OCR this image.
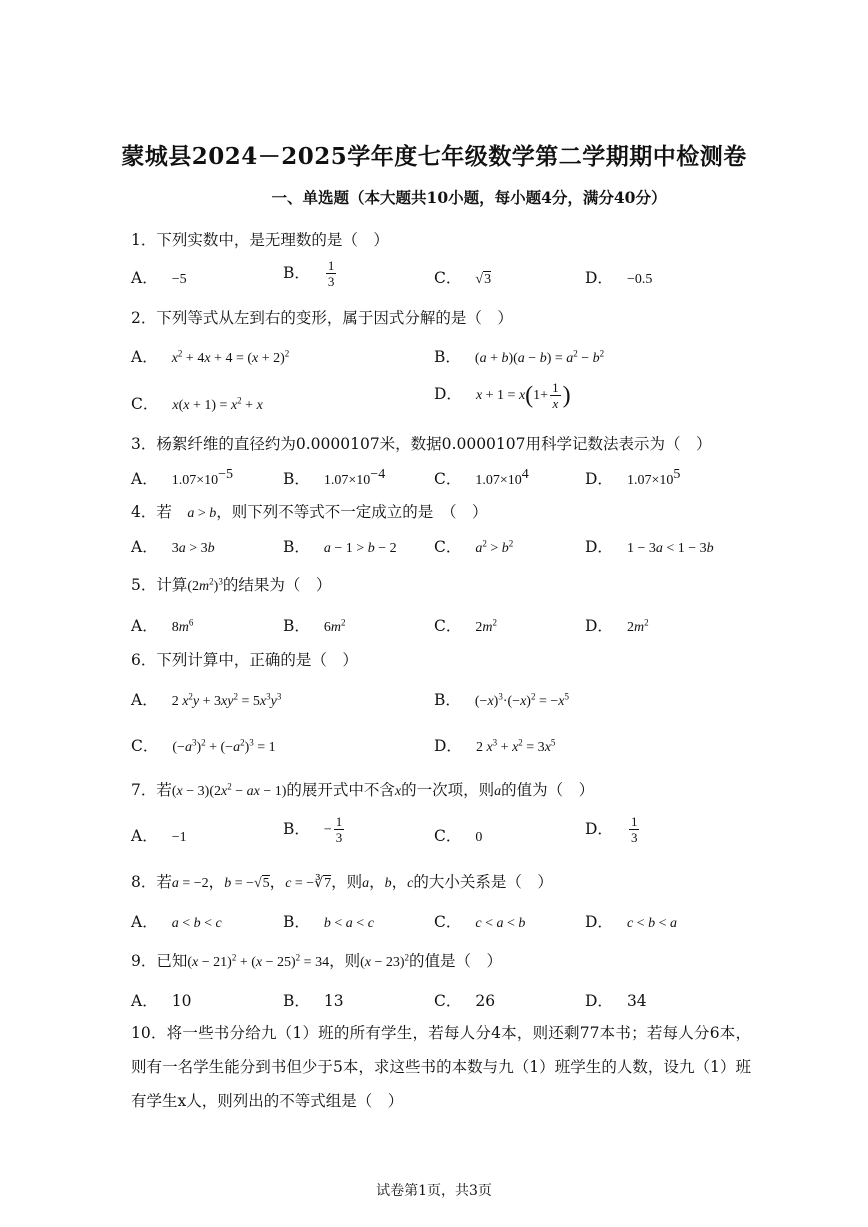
蒙城县2024－2025学年度七年级数学第二学期期中检测卷
一、单选题（本大题共10小题，每小题4分，满分40分）
1．下列实数中，是无理数的是（　）
A． −5	B． $\frac{1}{3}$	C． √3	D． −0.5
2．下列等式从左到右的变形，属于因式分解的是（　）
A． $x^2 + 4x + 4 = (x + 2)^2$	B． $(a + b)(a - b) = a^2 - b^2$
C． $x(x + 1) = x^2 + x$
D． $x + 1 = x(1+ \frac{1}{x}$ )
3．杨絮纤维的直径约为0.0000107米，数据0.0000107用科学记数法表示为（　）
A． $1.07\times 10^{-5}$	B． $1.07\times 10^{-4}$	C． $1.07\times 10^4$	D． $1.07\times 10^5$
4．若　 a > b，则下列不等式不一定成立的是　（　）
A． 3a > 3b	B． a − 1 > b − 2 C． $a^2 > b^2$	D． 1 − 3a < 1 − 3b
5．计算$(2m^2)^3$的结果为（　）
A． $8m^6$	B． $6m^2$	C． $2m^2$	D． $2m^2$
6．下列计算中，正确的是（　）
A． 2 $x^2y + 3xy^2 = 5x^3y^3$	B． $(-x)^3\cdot(-x)^2 = -x^5$
C． $(-a^3)^2 + (-a^2)^3 = 1$	D． 2 $x^3 + x^2 = 3x^5$
7．若$(x - 3)(2x^2$ − ax − 1)的展开式中不含x的一次项，则a的值为（　）
A． −1	B． − $\frac{1}{3}$	C． 0	D． $\frac{1}{3}$
8．若a = −2，b = −√5，c = −∛7，则a，b，c的大小关系是（　）
A． a < b < c	B． b < a < c	C． c < a < b	D． c < b < a
9．已知$(x - 21)^2 + (x - 25)^2 = 34$，则$(x - 23)^2$的值是（　）
A． 10	B． 13	C． 26	D． 34
10．将一些书分给九（1）班的所有学生，若每人分4本，则还剩77本书；若每人分6本，则有一名学生能分到书但少于5本，求这些书的本数与九（1）班学生的人数，设九（1）班有学生x人，则列出的不等式组是（　）
试卷第1页，共3页
